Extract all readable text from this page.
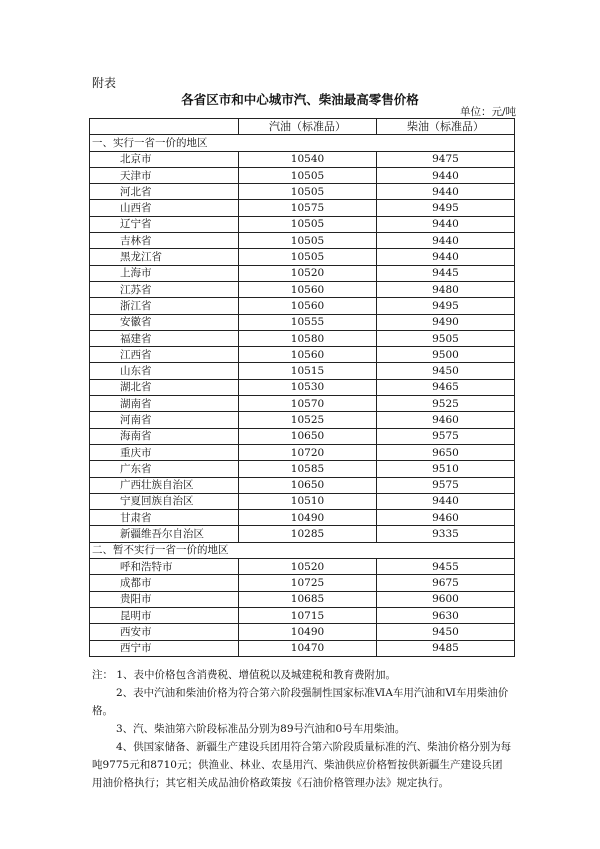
附表
各省区市和中心城市汽、柴油最高零售价格
单位：元/吨
	汽油（标准品）	柴油（标准品）
一、实行一省一价的地区		
北京市	10540	9475
天津市	10505	9440
河北省	10505	9440
山西省	10575	9495
辽宁省	10505	9440
吉林省	10505	9440
黑龙江省	10505	9440
上海市	10520	9445
江苏省	10560	9480
浙江省	10560	9495
安徽省	10555	9490
福建省	10580	9505
江西省	10560	9500
山东省	10515	9450
湖北省	10530	9465
湖南省	10570	9525
河南省	10525	9460
海南省	10650	9575
重庆市	10720	9650
广东省	10585	9510
广西壮族自治区	10650	9575
宁夏回族自治区	10510	9440
甘肃省	10490	9460
新疆维吾尔自治区	10285	9335
二、暂不实行一省一价的地区		
呼和浩特市	10520	9455
成都市	10725	9675
贵阳市	10685	9600
昆明市	10715	9630
西安市	10490	9450
西宁市	10470	9485

注： 1、表中价格包含消费税、增值税以及城建税和教育费附加。

2、表中汽油和柴油价格为符合第六阶段强制性国家标准ⅥA车用汽油和Ⅵ车用柴油价格。

3、汽、柴油第六阶段标准品分别为89号汽油和0号车用柴油。

4、供国家储备、新疆生产建设兵团用符合第六阶段质量标准的汽、柴油价格分别为每吨9775元和8710元；供渔业、林业、农垦用汽、柴油供应价格暂按供新疆生产建设兵团用油价格执行；其它相关成品油价格政策按《石油价格管理办法》规定执行。
